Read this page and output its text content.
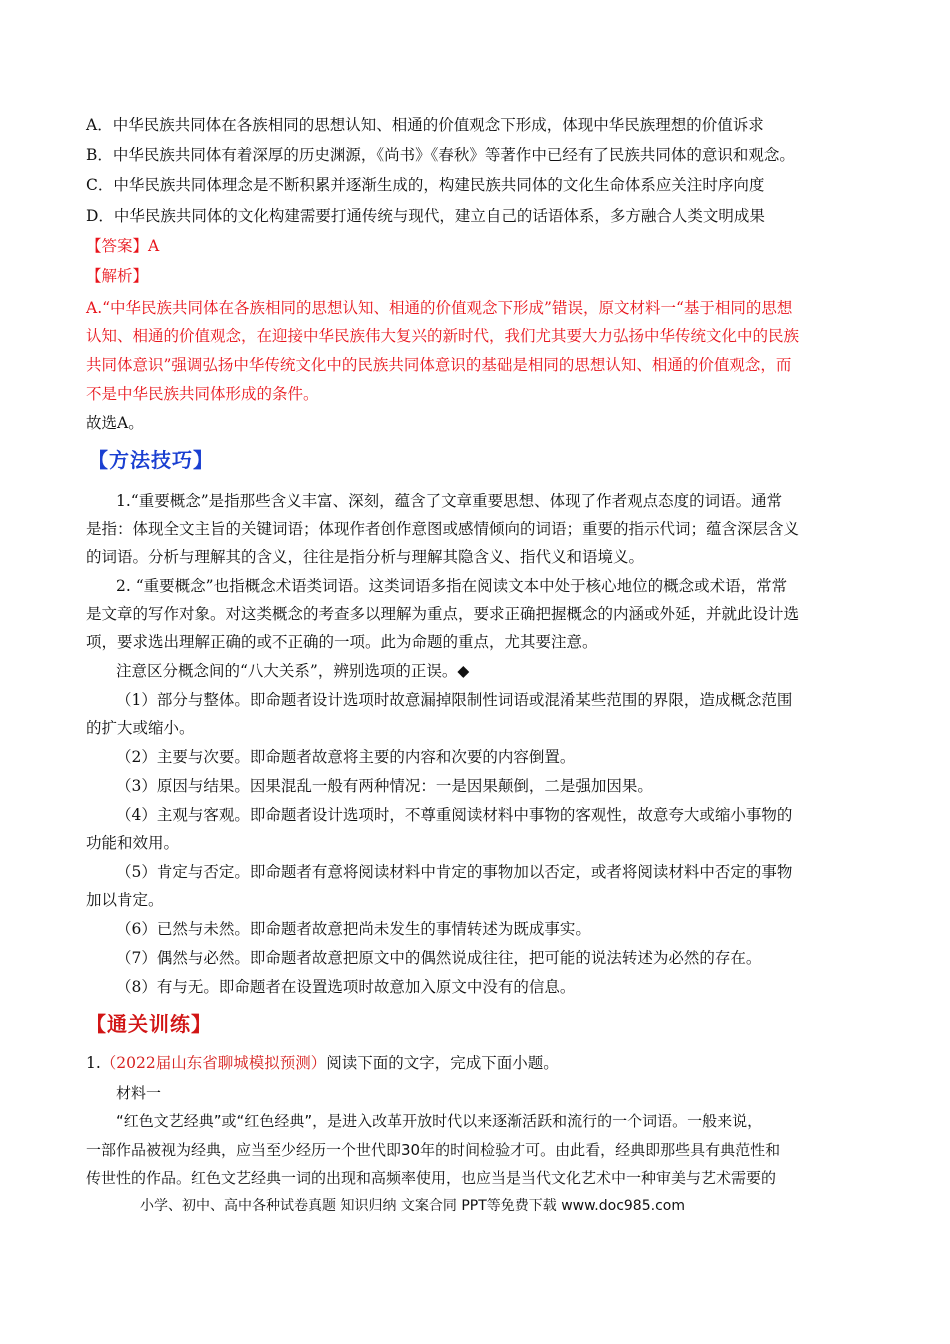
A．中华民族共同体在各族相同的思想认知、相通的价值观念下形成，体现中华民族理想的价值诉求
B．中华民族共同体有着深厚的历史渊源，《尚书》《春秋》等著作中已经有了民族共同体的意识和观念。
C．中华民族共同体理念是不断积累并逐渐生成的，构建民族共同体的文化生命体系应关注时序向度
D．中华民族共同体的文化构建需要打通传统与现代，建立自己的话语体系，多方融合人类文明成果
【答案】A
【解析】
A.“中华民族共同体在各族相同的思想认知、相通的价值观念下形成”错误，原文材料一“基于相同的思想
认知、相通的价值观念，在迎接中华民族伟大复兴的新时代，我们尤其要大力弘扬中华传统文化中的民族
共同体意识”强调弘扬中华传统文化中的民族共同体意识的基础是相同的思想认知、相通的价值观念，而
不是中华民族共同体形成的条件。
故选A。
【方法技巧】
1.“重要概念”是指那些含义丰富、深刻，蕴含了文章重要思想、体现了作者观点态度的词语。通常
是指：体现全文主旨的关键词语；体现作者创作意图或感情倾向的词语；重要的指示代词；蕴含深层含义
的词语。分析与理解其的含义，往往是指分析与理解其隐含义、指代义和语境义。
2. “重要概念”也指概念术语类词语。这类词语多指在阅读文本中处于核心地位的概念或术语，常常
是文章的写作对象。对这类概念的考查多以理解为重点，要求正确把握概念的内涵或外延，并就此设计选
项，要求选出理解正确的或不正确的一项。此为命题的重点，尤其要注意。
注意区分概念间的“八大关系”，辨别选项的正误。◆
（1）部分与整体。即命题者设计选项时故意漏掉限制性词语或混淆某些范围的界限，造成概念范围
的扩大或缩小。
（2）主要与次要。即命题者故意将主要的内容和次要的内容倒置。
（3）原因与结果。因果混乱一般有两种情况：一是因果颠倒，二是强加因果。
（4）主观与客观。即命题者设计选项时，不尊重阅读材料中事物的客观性，故意夸大或缩小事物的
功能和效用。
（5）肯定与否定。即命题者有意将阅读材料中肯定的事物加以否定，或者将阅读材料中否定的事物
加以肯定。
（6）已然与未然。即命题者故意把尚未发生的事情转述为既成事实。
（7）偶然与必然。即命题者故意把原文中的偶然说成往往，把可能的说法转述为必然的存在。
（8）有与无。即命题者在设置选项时故意加入原文中没有的信息。
【通关训练】
1.（2022届山东省聊城模拟预测）阅读下面的文字，完成下面小题。
材料一
“红色文艺经典”或“红色经典”，是进入改革开放时代以来逐渐活跃和流行的一个词语。一般来说，
一部作品被视为经典，应当至少经历一个世代即30年的时间检验才可。由此看，经典即那些具有典范性和
传世性的作品。红色文艺经典一词的出现和高频率使用，也应当是当代文化艺术中一种审美与艺术需要的
小学、初中、高中各种试卷真题 知识归纳 文案合同 PPT等免费下载 www.doc985.com
